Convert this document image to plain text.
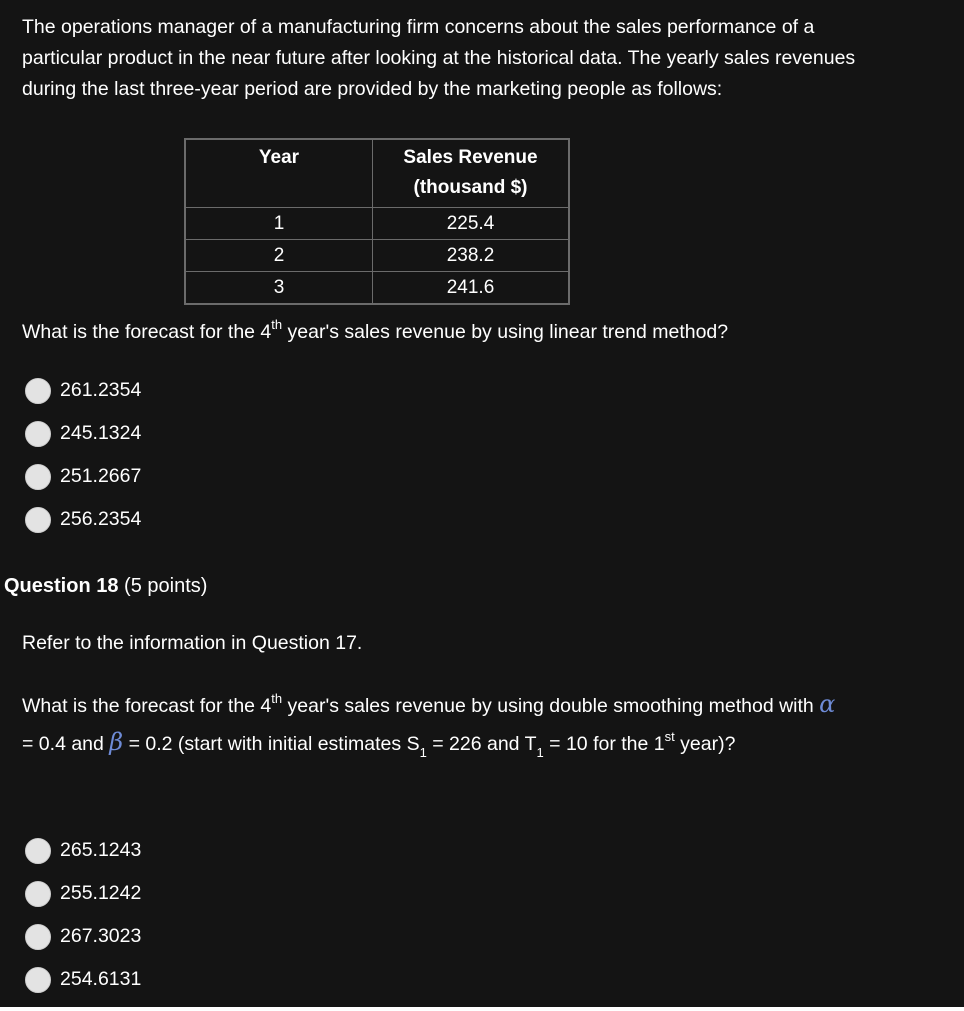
The operations manager of a manufacturing firm concerns about the sales performance of a particular product in the near future after looking at the historical data. The yearly sales revenues during the last three-year period are provided by the marketing people as follows:
Year	Sales Revenue
(thousand $)
1	225.4
2	238.2
3	241.6
What is the forecast for the 4th year's sales revenue by using linear trend method?
261.2354
245.1324
251.2667
256.2354
Question 18 (5 points)
Refer to the information in Question 17.
What is the forecast for the 4th year's sales revenue by using double smoothing method with α = 0.4 and β = 0.2 (start with initial estimates $S_1 = 226$ and $T_1 = 10$ for the 1st year)?
265.1243
255.1242
267.3023
254.6131
